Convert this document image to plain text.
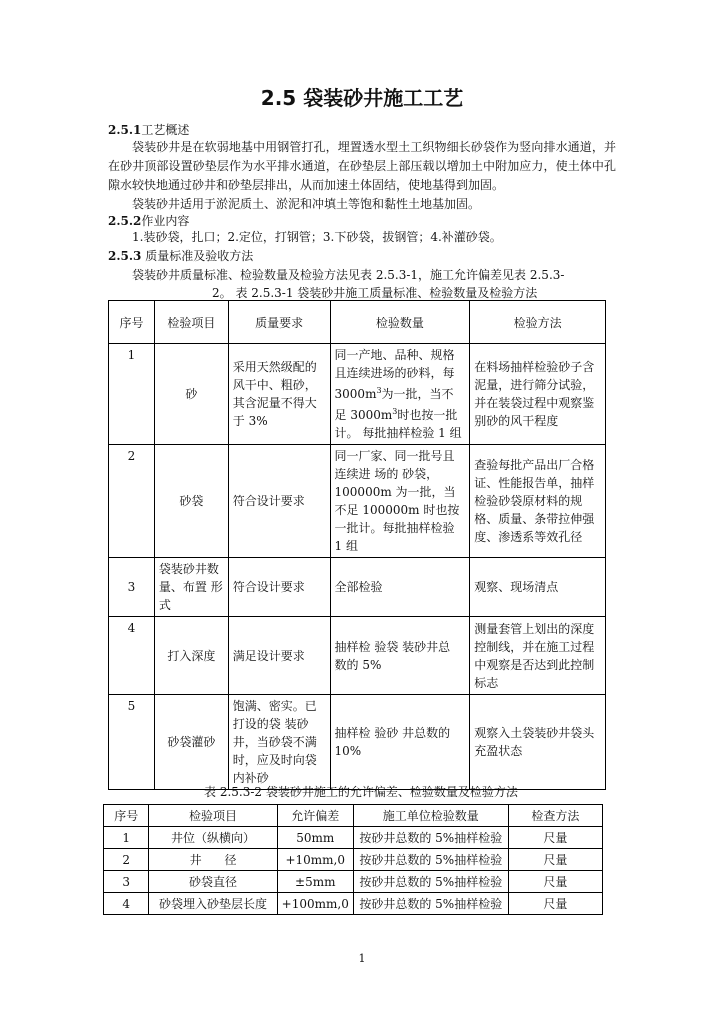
2.5 袋装砂井施工工艺
2.5.1工艺概述
袋装砂井是在软弱地基中用钢管打孔，埋置透水型土工织物细长砂袋作为竖向排水通道，并在砂井顶部设置砂垫层作为水平排水通道，在砂垫层上部压载以增加土中附加应力，使土体中孔隙水较快地通过砂井和砂垫层排出，从而加速土体固结，使地基得到加固。
袋装砂井适用于淤泥质土、淤泥和冲填土等饱和黏性土地基加固。
2.5.2作业内容
1.装砂袋，扎口；2.定位，打钢管；3.下砂袋，拔钢管；4.补灌砂袋。
2.5.3 质量标准及验收方法
袋装砂井质量标准、检验数量及检验方法见表 2.5.3-1，施工允许偏差见表 2.5.3-
2。 表 2.5.3-1 袋装砂井施工质量标准、检验数量及检验方法
序号	检验项目	质量要求	检验数量	检验方法
1	砂	采用天然级配的风干中、粗砂，其含泥量不得大于 3%	同一产地、品种、规格且连续进场的砂料，每 $3000m^3$为一批，当不足 $3000m^3$时也按一批计。 每批抽样检验 1 组	在料场抽样检验砂子含泥量，进行筛分试验，并在装袋过程中观察鉴别砂的风干程度
2	砂袋	符合设计要求	同一厂家、同一批号且连续进 场的 砂袋，100000m 为一批，当不足 100000m 时也按一批计。每批抽样检验 1 组	查验每批产品出厂合格证、性能报告单，抽样检验砂袋原材料的规格、质量、条带拉伸强度、渗透系等效孔径
3	袋装砂井数量、布置 形式	符合设计要求	全部检验	观察、现场清点
4	打入深度	满足设计要求	抽样检 验袋 装砂井总 数的 5%	测量套管上划出的深度控制线，并在施工过程中观察是否达到此控制标志
5	砂袋灌砂	饱满、密实。已打设的袋 装砂井，当砂袋不满时，应及时向袋内补砂	抽样检 验砂 井总数的 10%	观察入土袋装砂井袋头充盈状态
表 2.5.3-2 袋装砂井施工的允许偏差、检验数量及检验方法
序号	检验项目	允许偏差	施工单位检验数量	检查方法
1	井位（纵横向）	50mm	按砂井总数的 5%抽样检验	尺量
2	井      径	+10mm,0	按砂井总数的 5%抽样检验	尺量
3	砂袋直径	±5mm	按砂井总数的 5%抽样检验	尺量
4	砂袋埋入砂垫层长度	+100mm,0	按砂井总数的 5%抽样检验	尺量
1
